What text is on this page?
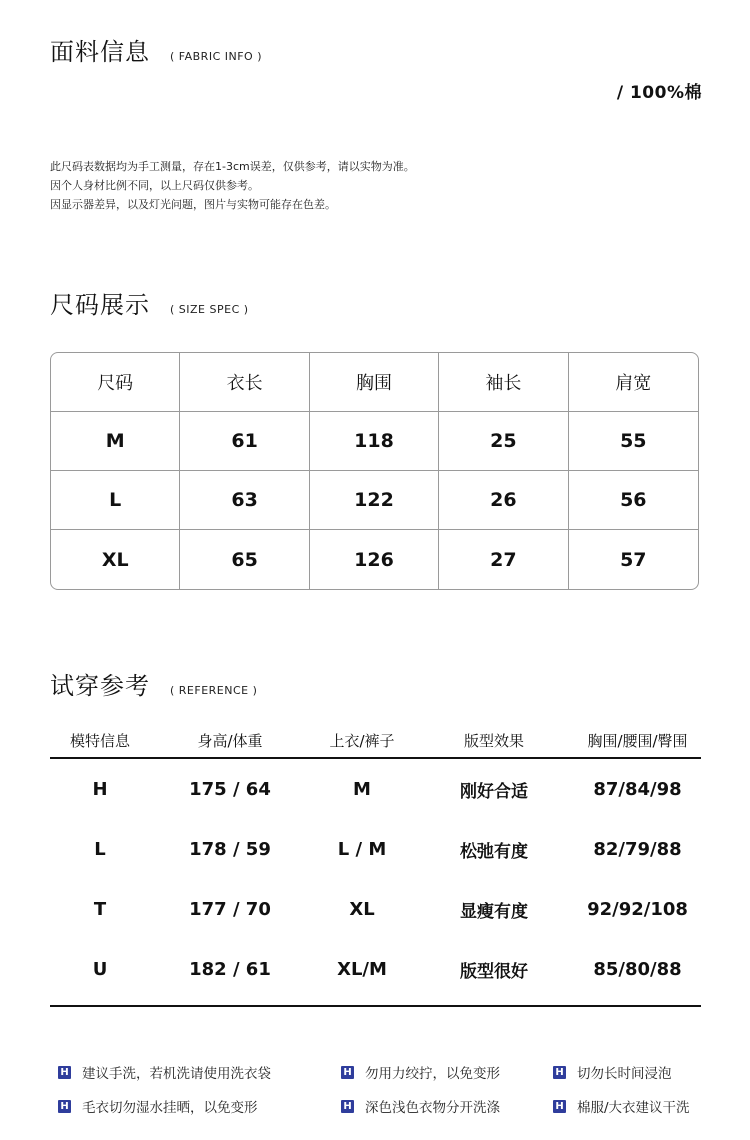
面料信息 ( FABRIC INFO )
/ 100%棉
此尺码表数据均为手工测量，存在1-3cm误差，仅供参考，请以实物为准。
因个人身材比例不同，以上尺码仅供参考。
因显示器差异，以及灯光问题，图片与实物可能存在色差。
尺码展示 ( SIZE SPEC )
尺码	衣长	胸围	袖长	肩宽
M	61	118	25	55
L	63	122	26	56
XL	65	126	27	57
试穿参考 ( REFERENCE )
模特信息	身高/体重	上衣/裤子	版型效果	胸围/腰围/臀围
H	175 / 64	M	刚好合适	87/84/98
L	178 / 59	L / M	松弛有度	82/79/88
T	177 / 70	XL	显瘦有度	92/92/108
U	182 / 61	XL/M	版型很好	85/80/88
H 建议手洗，若机洗请使用洗衣袋	H 勿用力绞拧，以免变形	H 切勿长时间浸泡
H 毛衣切勿湿水挂晒，以免变形	H 深色浅色衣物分开洗涤	H 棉服/大衣建议干洗
